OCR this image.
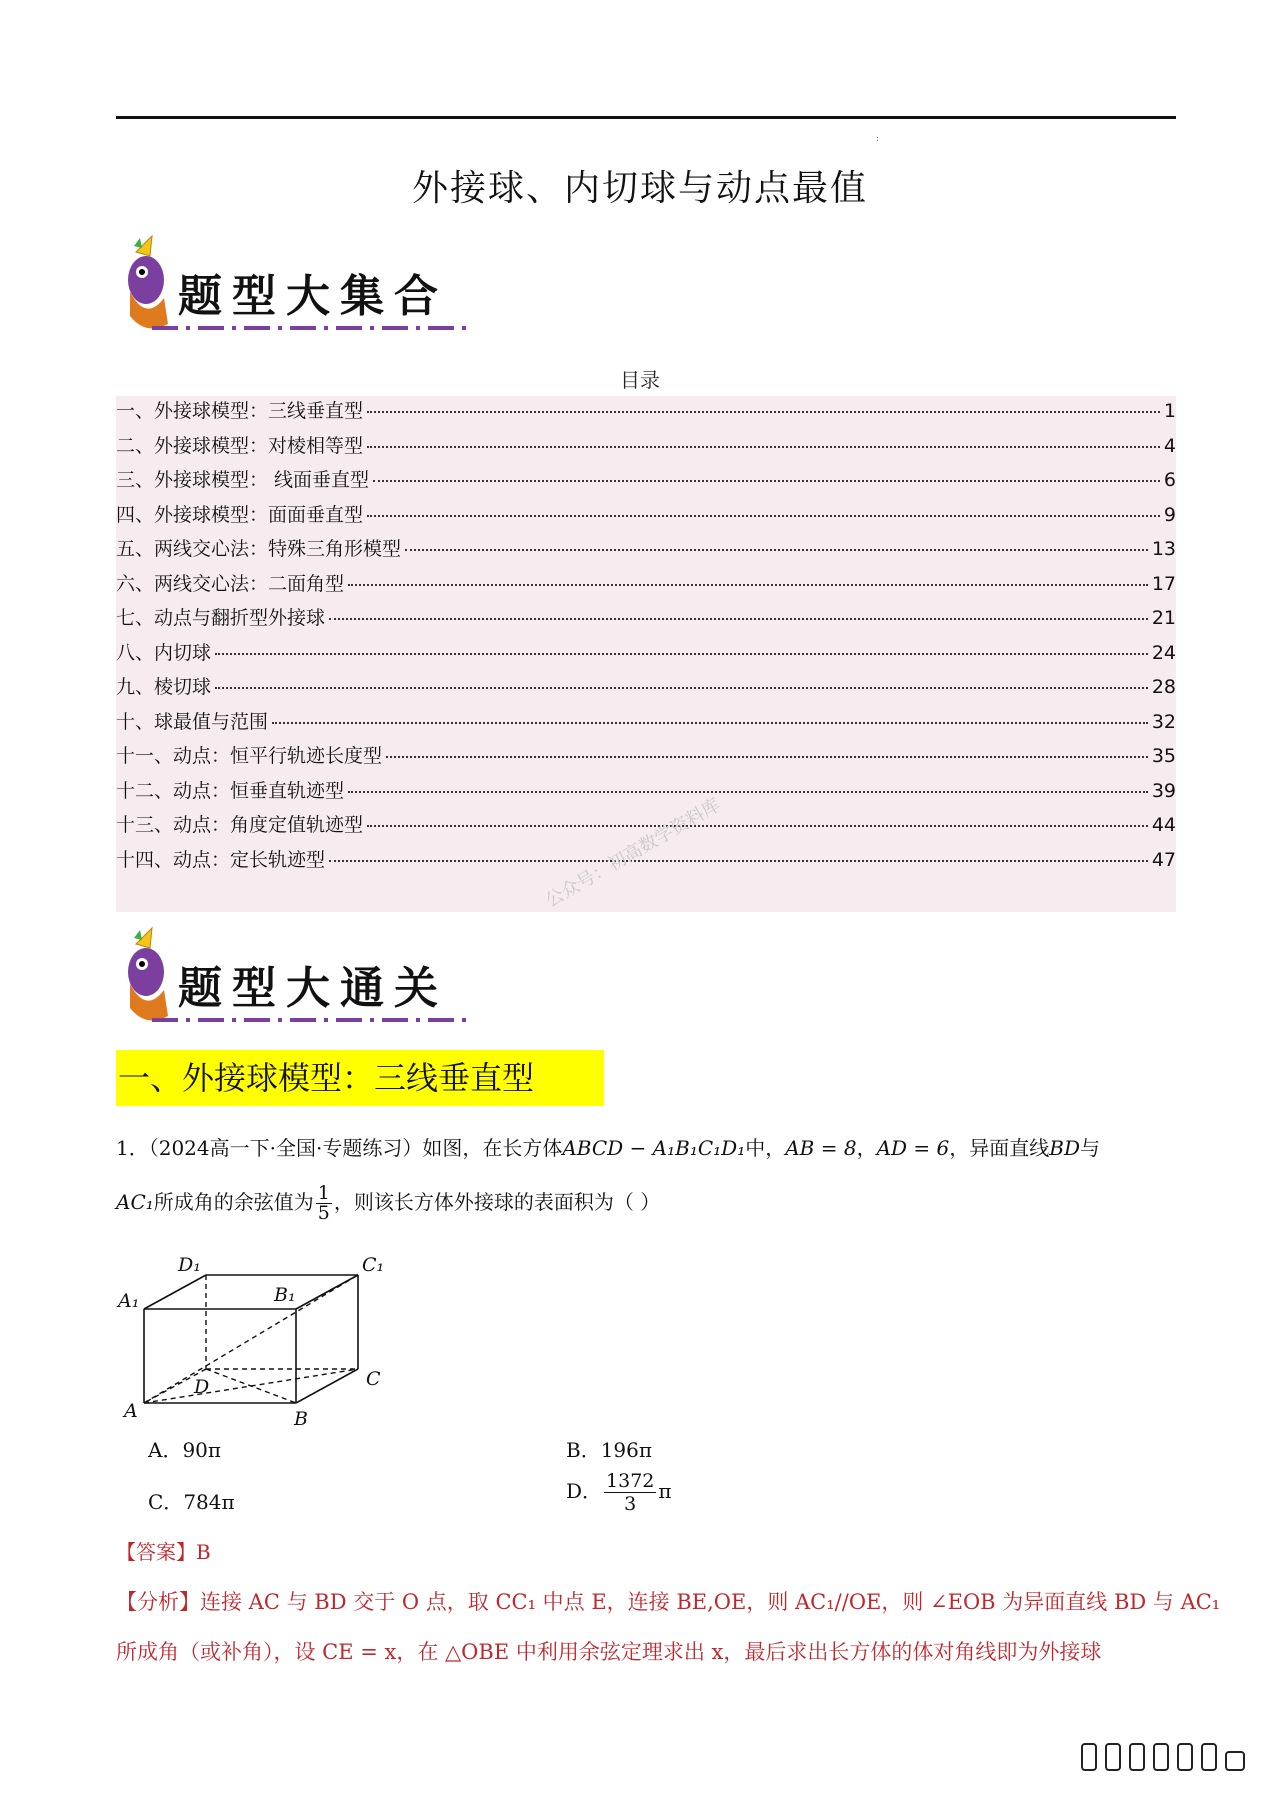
:
外接球、内切球与动点最值
题型大集合
目录
一、外接球模型：三线垂直型	1
二、外接球模型：对棱相等型	4
三、外接球模型： 线面垂直型	6
四、外接球模型：面面垂直型	9
五、两线交心法：特殊三角形模型	13
六、两线交心法：二面角型	17
七、动点与翻折型外接球	21
八、内切球	24
九、棱切球	28
十、球最值与范围	32
十一、动点：恒平行轨迹长度型	35
十二、动点：恒垂直轨迹型	39
十三、动点：角度定值轨迹型	44
十四、动点：定长轨迹型	47
公众号：初高数学资料库
题型大通关
一、外接球模型：三线垂直型
1．（2024高一下·全国·专题练习）如图，在长方体ABCD − A₁B₁C₁D₁中，AB = 8，AD = 6，异面直线BD与
AC₁所成角的余弦值为 $\frac{1}{5}$ ，则该长方体外接球的表面积为（ ）
D₁	C₁
A₁	B₁
D	C
A	B
A．90π	B．196π
C．784π	D． $\frac{1372}{3}$ π
【答案】B
【分析】连接 AC 与 BD 交于 O 点，取 CC₁ 中点 E，连接 BE,OE，则 AC₁//OE，则 ∠EOB 为异面直线 BD 与 AC₁
所成角（或补角），设 CE = x，在 △OBE 中利用余弦定理求出 x，最后求出长方体的体对角线即为外接球
